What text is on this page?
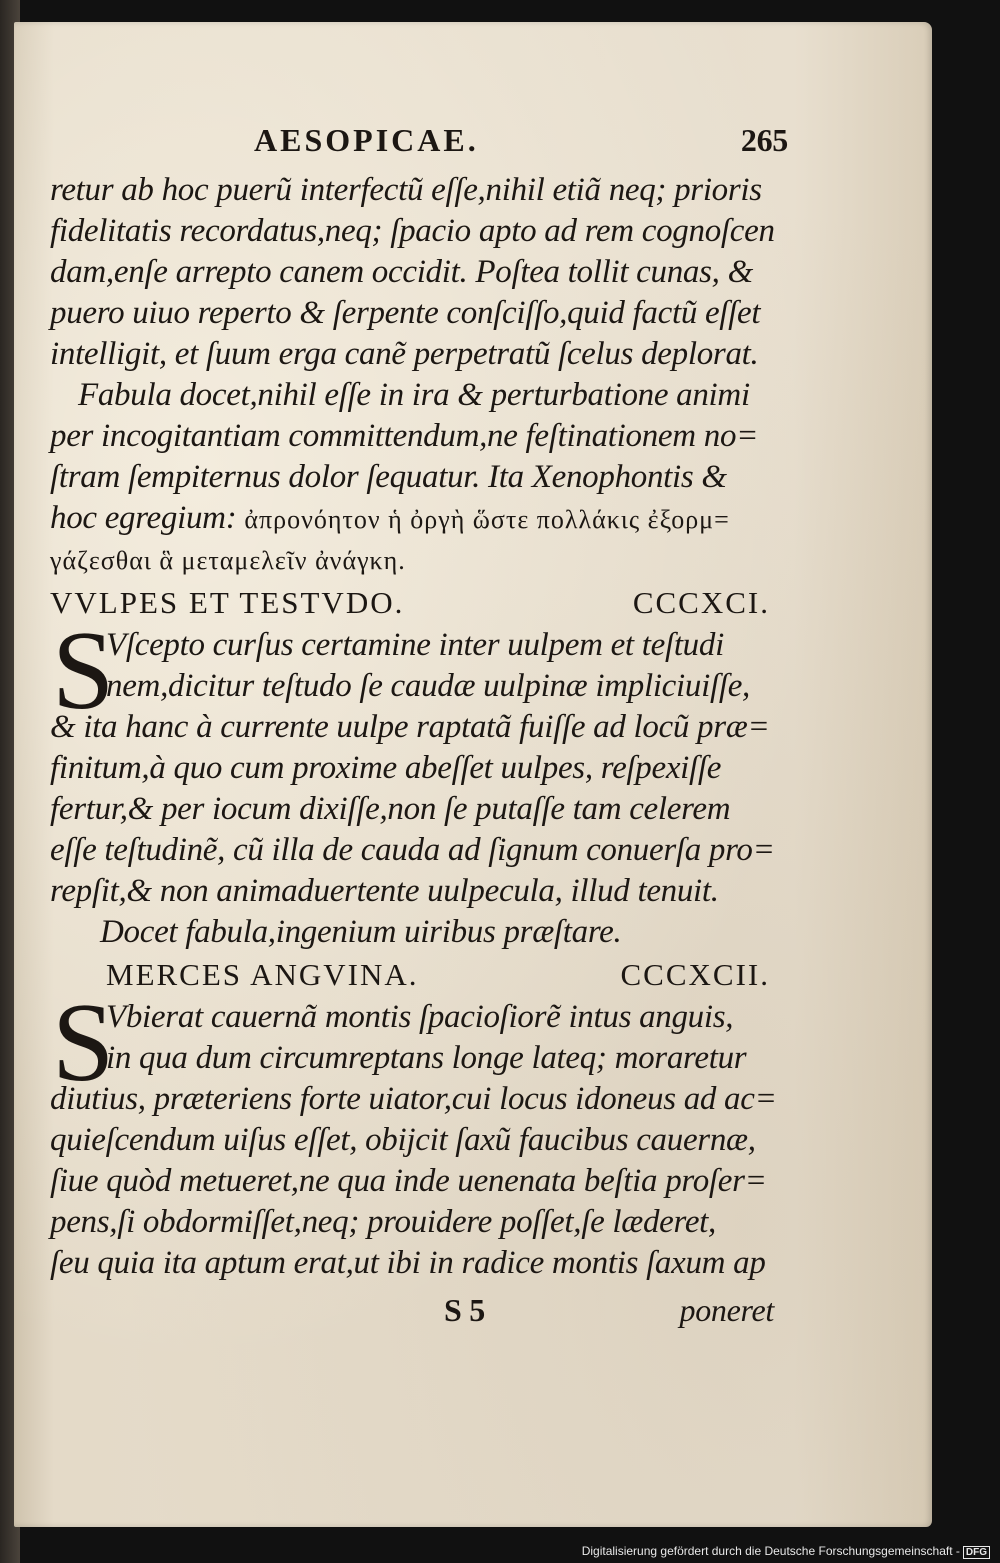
AESOPICAE.	265
retur ab hoc puerũ interfectũ eſſe,nihil etiã neq; prioris
fidelitatis recordatus,neq; ſpacio apto ad rem cognoſcen
dam,enſe arrepto canem occidit. Poſtea tollit cunas, &
puero uiuo reperto & ſerpente conſciſſo,quid factũ eſſet
intelligit, et ſuum erga canẽ perpetratũ ſcelus deplorat.
Fabula docet,nihil eſſe in ira & perturbatione animi
per incogitantiam committendum,ne feſtinationem no=
ſtram ſempiternus dolor ſequatur. Ita Xenophontis &
hoc egregium: ἀπρονόητον ἡ ὀργὴ ὥστε πολλάκις ἐξορμ=
γάζεσθαι ἃ μεταμελεῖν ἀνάγκη.
VVLPES ET TESTVDO.	CCCXCI.
S
Vſcepto curſus certamine inter uulpem et teſtudi
nem,dicitur teſtudo ſe caudæ uulpinæ impliciuiſſe,
& ita hanc à currente uulpe raptatã fuiſſe ad locũ præ=
finitum,à quo cum proxime abeſſet uulpes, reſpexiſſe
fertur,& per iocum dixiſſe,non ſe putaſſe tam celerem
eſſe teſtudinẽ, cũ illa de cauda ad ſignum conuerſa pro=
repſit,& non animaduertente uulpecula, illud tenuit.
Docet fabula,ingenium uiribus præſtare.
MERCES ANGVINA.	CCCXCII.
S
Vbierat cauernã montis ſpacioſiorẽ intus anguis,
in qua dum circumreptans longe lateq; moraretur
diutius, præteriens forte uiator,cui locus idoneus ad ac=
quieſcendum uiſus eſſet, obijcit ſaxũ faucibus cauernæ,
ſiue quòd metueret,ne qua inde uenenata beſtia proſer=
pens,ſi obdormiſſet,neq; prouidere poſſet,ſe læderet,
ſeu quia ita aptum erat,ut ibi in radice montis ſaxum ap
S 5	poneret
Digitalisierung gefördert durch die Deutsche Forschungsgemeinschaft - DFG
